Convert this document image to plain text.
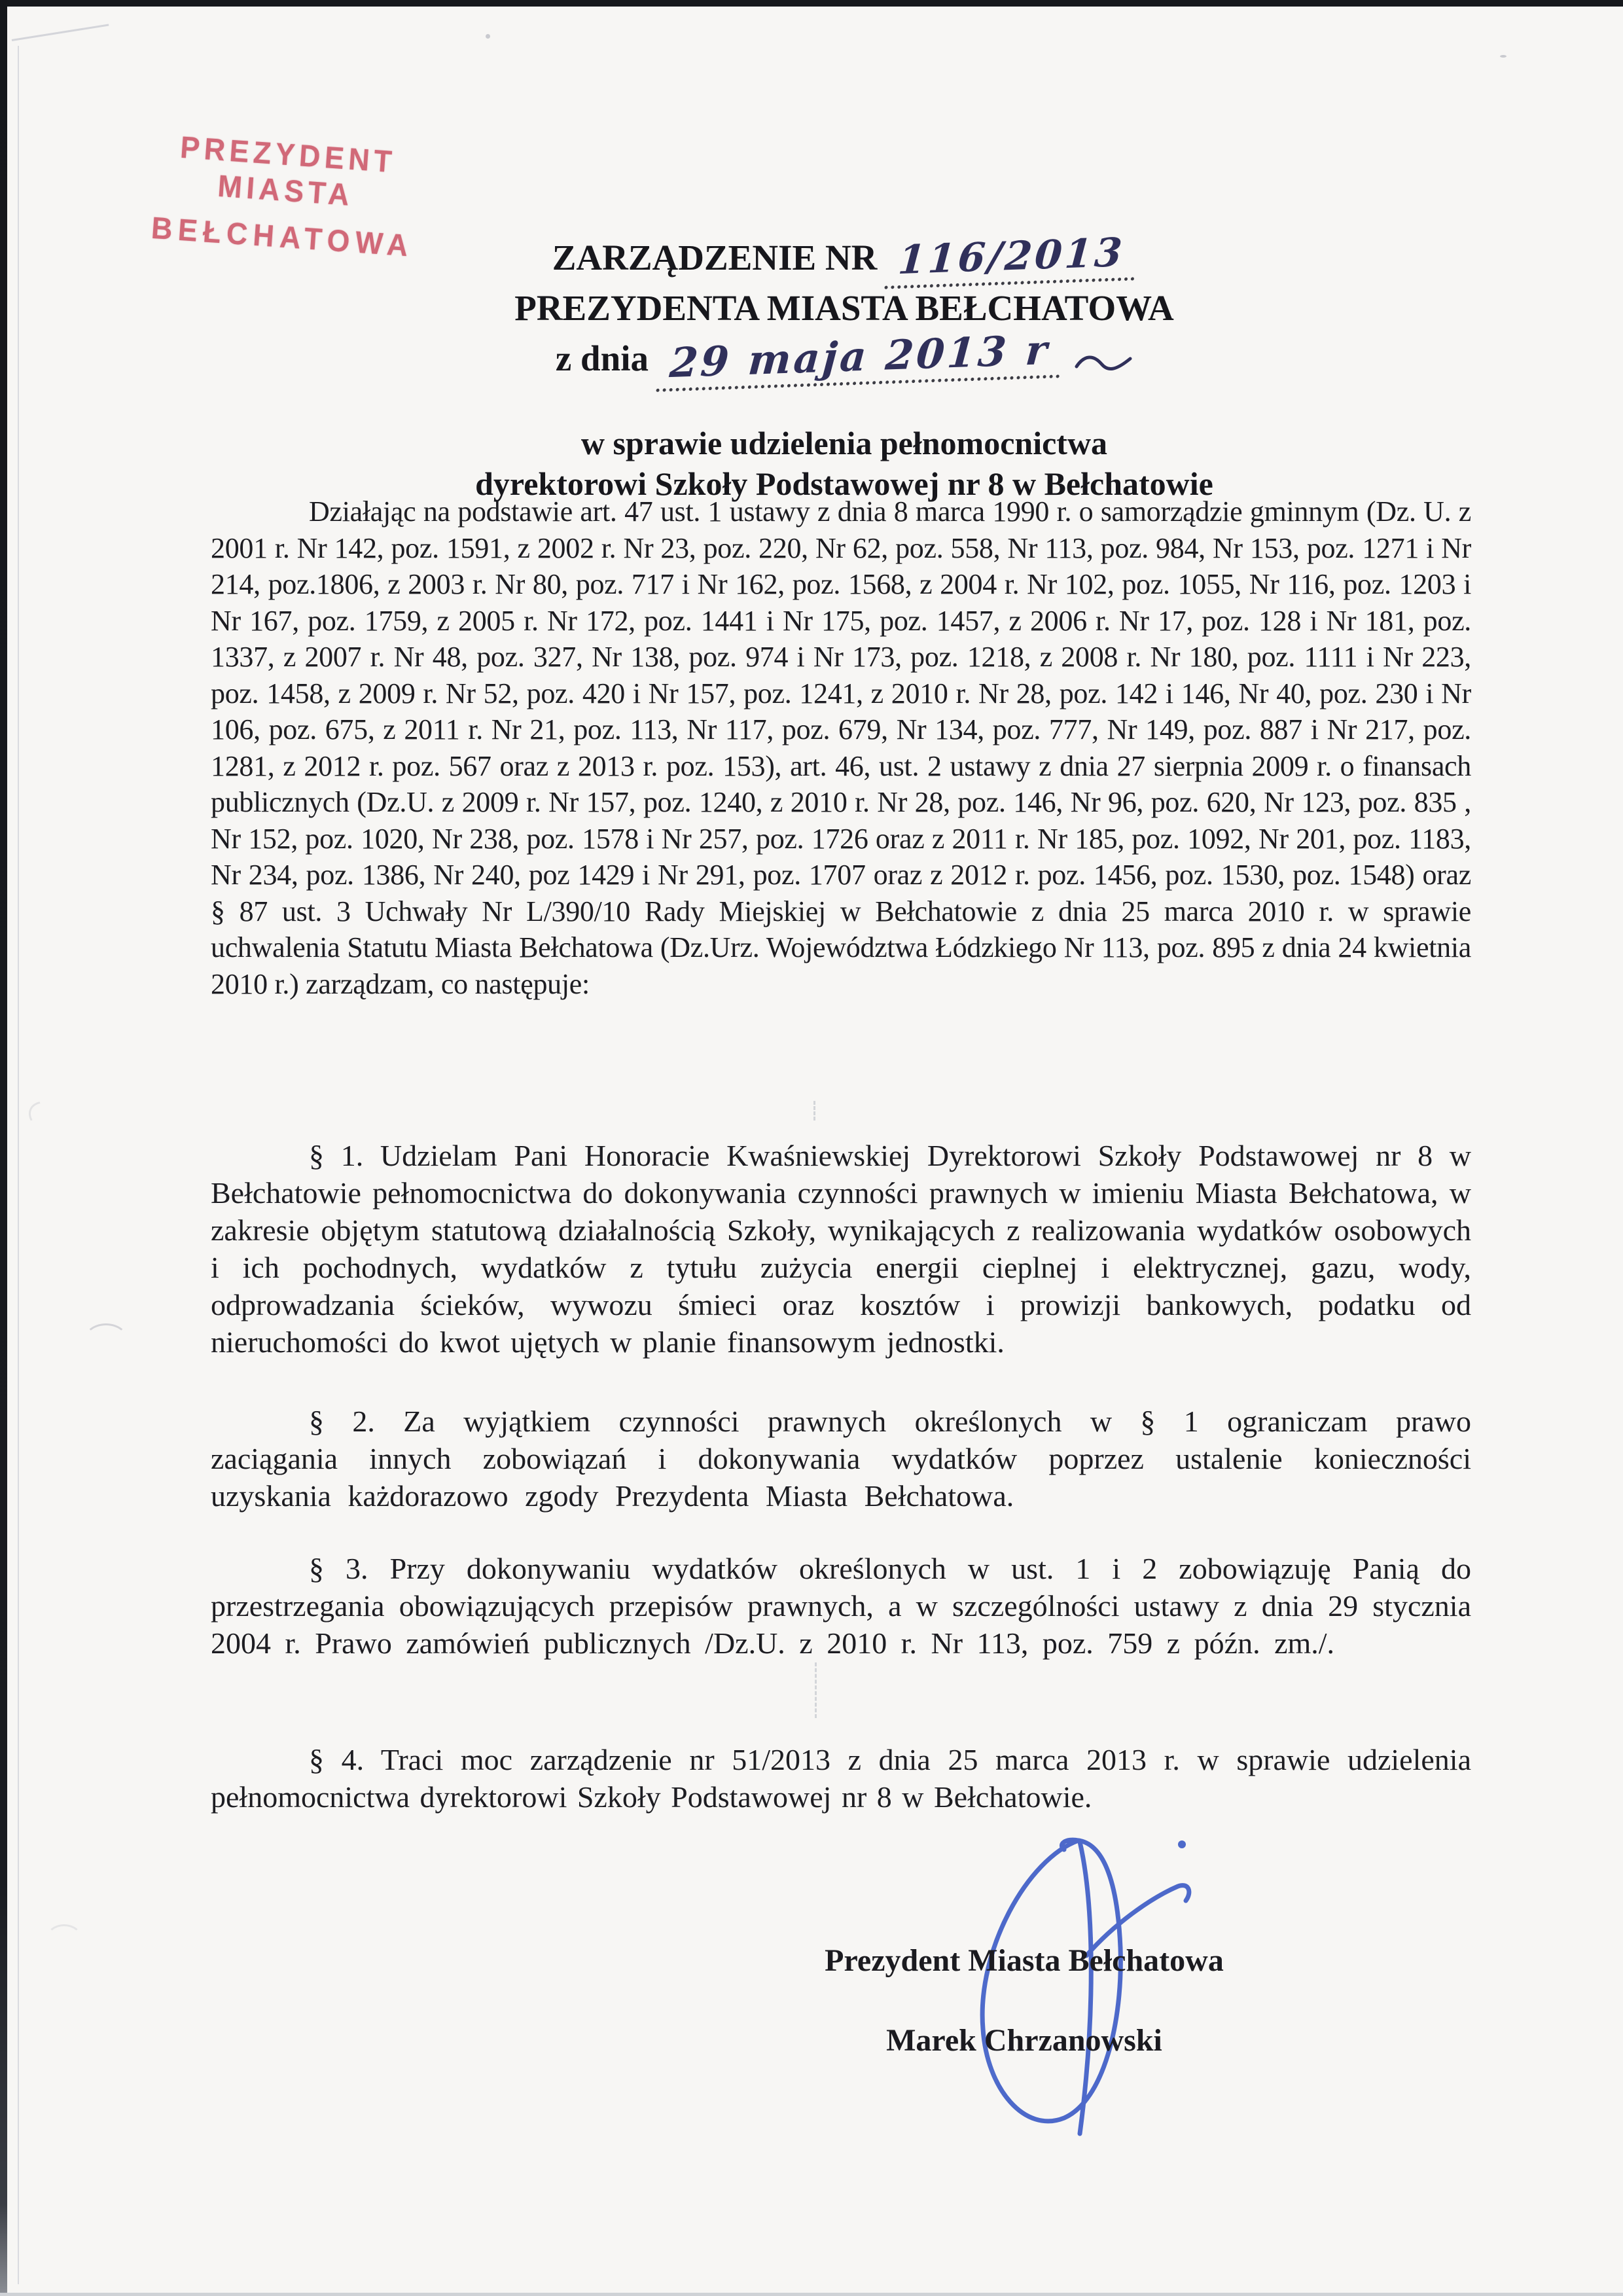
PREZYDENT MIASTA
BEŁCHATOWA	ZARZĄDZENIE NR 116/2013
PREZYDENTA MIASTA BEŁCHATOWA
z dnia 29 maja 2013 r
w sprawie udzielenia pełnomocnictwa
dyrektorowi Szkoły Podstawowej nr 8 w Bełchatowie

Działając na podstawie art. 47 ust. 1 ustawy z dnia 8 marca 1990 r. o samorządzie gminnym (Dz. U. z 2001 r. Nr 142, poz. 1591, z 2002 r. Nr 23, poz. 220, Nr 62, poz. 558, Nr 113, poz. 984, Nr 153, poz. 1271 i Nr 214, poz.1806, z 2003 r. Nr 80, poz. 717 i Nr 162, poz. 1568, z 2004 r. Nr 102, poz. 1055, Nr 116, poz. 1203 i Nr 167, poz. 1759, z 2005 r. Nr 172, poz. 1441 i Nr 175, poz. 1457, z 2006 r. Nr 17, poz. 128 i Nr 181, poz. 1337, z 2007 r. Nr 48, poz. 327, Nr 138, poz. 974 i Nr 173, poz. 1218, z 2008 r. Nr 180, poz. 1111 i Nr 223, poz. 1458, z 2009 r. Nr 52, poz. 420 i Nr 157, poz. 1241, z 2010 r. Nr 28, poz. 142 i 146, Nr 40, poz. 230 i Nr 106, poz. 675, z 2011 r. Nr 21, poz. 113, Nr 117, poz. 679, Nr 134, poz. 777, Nr 149, poz. 887 i Nr 217, poz. 1281, z 2012 r. poz. 567 oraz z 2013 r. poz. 153), art. 46, ust. 2 ustawy z dnia 27 sierpnia 2009 r. o finansach publicznych (Dz.U. z 2009 r. Nr 157, poz. 1240, z 2010 r. Nr 28, poz. 146, Nr 96, poz. 620, Nr 123, poz. 835 , Nr 152, poz. 1020, Nr 238, poz. 1578 i Nr 257, poz. 1726 oraz z 2011 r. Nr 185, poz. 1092, Nr 201, poz. 1183, Nr 234, poz. 1386, Nr 240, poz 1429 i Nr 291, poz. 1707 oraz z 2012 r. poz. 1456, poz. 1530, poz. 1548) oraz § 87 ust. 3 Uchwały Nr L/390/10 Rady Miejskiej w Bełchatowie z dnia 25 marca 2010 r. w sprawie uchwalenia Statutu Miasta Bełchatowa (Dz.Urz. Województwa Łódzkiego Nr 113, poz. 895 z dnia 24 kwietnia 2010 r.) zarządzam, co następuje:

§ 1. Udzielam Pani Honoracie Kwaśniewskiej Dyrektorowi Szkoły Podstawowej nr 8 w Bełchatowie pełnomocnictwa do dokonywania czynności prawnych w imieniu Miasta Bełchatowa, w zakresie objętym statutową działalnością Szkoły, wynikających z realizowania wydatków osobowych i ich pochodnych, wydatków z tytułu zużycia energii cieplnej i elektrycznej, gazu, wody, odprowadzania ścieków, wywozu śmieci oraz kosztów i prowizji bankowych, podatku od nieruchomości do kwot ujętych w planie finansowym jednostki.

§ 2. Za wyjątkiem czynności prawnych określonych w § 1 ograniczam prawo zaciągania innych zobowiązań i dokonywania wydatków poprzez ustalenie konieczności uzyskania każdorazowo zgody Prezydenta Miasta Bełchatowa.

§ 3. Przy dokonywaniu wydatków określonych w ust. 1 i 2 zobowiązuję Panią do przestrzegania obowiązujących przepisów prawnych, a w szczególności ustawy z dnia 29 stycznia 2004 r. Prawo zamówień publicznych /Dz.U. z 2010 r. Nr 113, poz. 759 z późn. zm./.

§ 4. Traci moc zarządzenie nr 51/2013 z dnia 25 marca 2013 r. w sprawie udzielenia pełnomocnictwa dyrektorowi Szkoły Podstawowej nr 8 w Bełchatowie.

Prezydent Miasta Bełchatowa
Marek Chrzanowski
